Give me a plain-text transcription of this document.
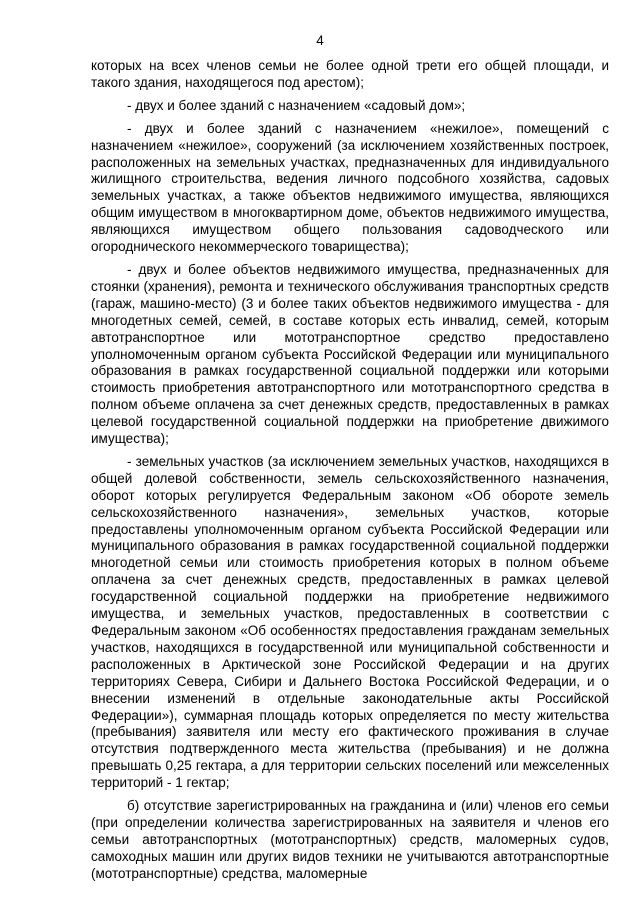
4

которых на всех членов семьи не более одной трети его общей площади, и такого здания, находящегося под арестом);

- двух и более зданий с назначением «садовый дом»;

- двух и более зданий с назначением «нежилое», помещений с назначением «нежилое», сооружений (за исключением хозяйственных построек, расположенных на земельных участках, предназначенных для индивидуального жилищного строительства, ведения личного подсобного хозяйства, садовых земельных участках, а также объектов недвижимого имущества, являющихся общим имуществом в многоквартирном доме, объектов недвижимого имущества, являющихся имуществом общего пользования садоводческого или огороднического некоммерческого товарищества);

- двух и более объектов недвижимого имущества, предназначенных для стоянки (хранения), ремонта и технического обслуживания транспортных средств (гараж, машино-место) (3 и более таких объектов недвижимого имущества - для многодетных семей, семей, в составе которых есть инвалид, семей, которым автотранспортное или мототранспортное средство предоставлено уполномоченным органом субъекта Российской Федерации или муниципального образования в рамках государственной социальной поддержки или которыми стоимость приобретения автотранспортного или мототранспортного средства в полном объеме оплачена за счет денежных средств, предоставленных в рамках целевой государственной социальной поддержки на приобретение движимого имущества);

- земельных участков (за исключением земельных участков, находящихся в общей долевой собственности, земель сельскохозяйственного назначения, оборот которых регулируется Федеральным законом «Об обороте земель сельскохозяйственного назначения», земельных участков, которые предоставлены уполномоченным органом субъекта Российской Федерации или муниципального образования в рамках государственной социальной поддержки многодетной семьи или стоимость приобретения которых в полном объеме оплачена за счет денежных средств, предоставленных в рамках целевой государственной социальной поддержки на приобретение недвижимого имущества, и земельных участков, предоставленных в соответствии с Федеральным законом «Об особенностях предоставления гражданам земельных участков, находящихся в государственной или муниципальной собственности и расположенных в Арктической зоне Российской Федерации и на других территориях Севера, Сибири и Дальнего Востока Российской Федерации, и о внесении изменений в отдельные законодательные акты Российской Федерации»), суммарная площадь которых определяется по месту жительства (пребывания) заявителя или месту его фактического проживания в случае отсутствия подтвержденного места жительства (пребывания) и не должна превышать 0,25 гектара, а для территории сельских поселений или межселенных территорий - 1 гектар;

б) отсутствие зарегистрированных на гражданина и (или) членов его семьи (при определении количества зарегистрированных на заявителя и членов его семьи автотранспортных (мототранспортных) средств, маломерных судов, самоходных машин или других видов техники не учитываются автотранспортные (мототранспортные) средства, маломерные
